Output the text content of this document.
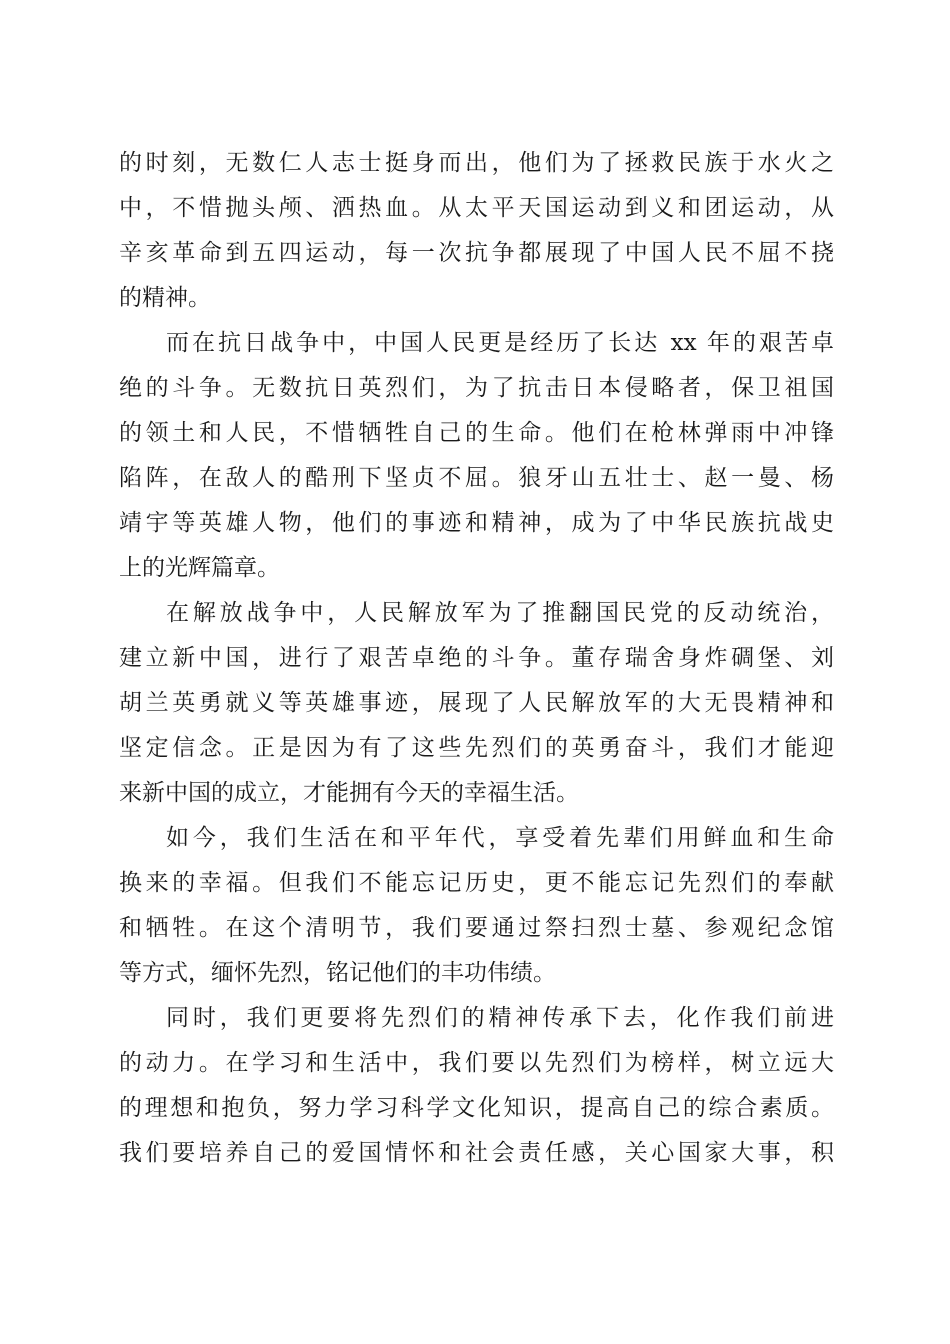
的时刻，无数仁人志士挺身而出，他们为了拯救民族于水火之
中，不惜抛头颅、洒热血。从太平天国运动到义和团运动，从
辛亥革命到五四运动，每一次抗争都展现了中国人民不屈不挠
的精神。
而在抗日战争中，中国人民更是经历了长达 xx 年的艰苦卓
绝的斗争。无数抗日英烈们，为了抗击日本侵略者，保卫祖国
的领土和人民，不惜牺牲自己的生命。他们在枪林弹雨中冲锋
陷阵，在敌人的酷刑下坚贞不屈。狼牙山五壮士、赵一曼、杨
靖宇等英雄人物，他们的事迹和精神，成为了中华民族抗战史
上的光辉篇章。
在解放战争中，人民解放军为了推翻国民党的反动统治，
建立新中国，进行了艰苦卓绝的斗争。董存瑞舍身炸碉堡、刘
胡兰英勇就义等英雄事迹，展现了人民解放军的大无畏精神和
坚定信念。正是因为有了这些先烈们的英勇奋斗，我们才能迎
来新中国的成立，才能拥有今天的幸福生活。
如今，我们生活在和平年代，享受着先辈们用鲜血和生命
换来的幸福。但我们不能忘记历史，更不能忘记先烈们的奉献
和牺牲。在这个清明节，我们要通过祭扫烈士墓、参观纪念馆
等方式，缅怀先烈，铭记他们的丰功伟绩。
同时，我们更要将先烈们的精神传承下去，化作我们前进
的动力。在学习和生活中，我们要以先烈们为榜样，树立远大
的理想和抱负，努力学习科学文化知识，提高自己的综合素质。
我们要培养自己的爱国情怀和社会责任感，关心国家大事，积
